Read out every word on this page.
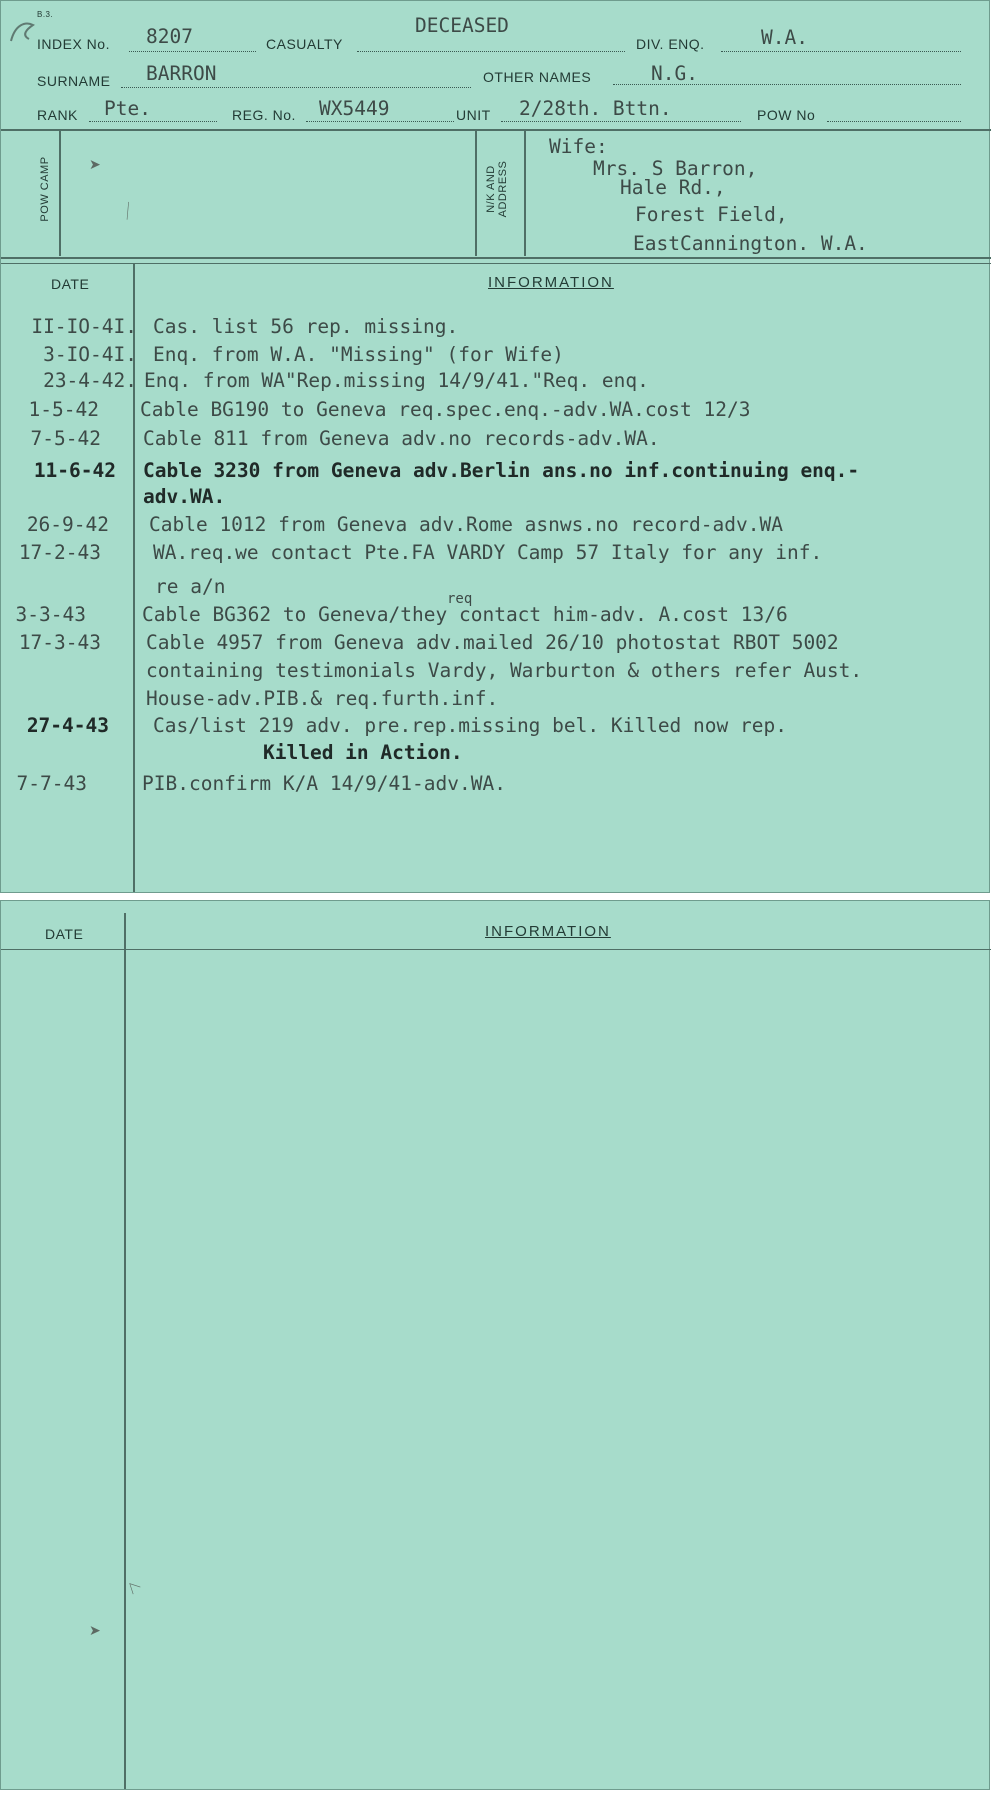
B.3.
INDEX No. 8207	CASUALTY
DECEASED
DIV. ENQ.	W.A.
SURNAME BARRON	OTHER NAMES	N.G.
RANK Pte.	REG. No. WX5449	UNIT 2/28th. Bttn.	POW No
POW CAMP	N/K AND ADDRESS
Wife:
Mrs. S Barron,
Hale Rd.,
Forest Field,
EastCannington. W.A.
➤
／
DATE	INFORMATION
II-IO-4I. Cas. list 56 rep. missing.
3-IO-4I. Enq. from W.A. "Missing" (for Wife)
23-4-42. Enq. from WA"Rep.missing 14/9/41."Req. enq.
1-5-42 Cable BG190 to Geneva req.spec.enq.-adv.WA.cost 12/3
7-5-42 Cable 811 from Geneva adv.no records-adv.WA.
11-6-42 Cable 3230 from Geneva adv.Berlin ans.no inf.continuing enq.-
adv.WA.
26-9-42 Cable 1012 from Geneva adv.Rome asnws.no record-adv.WA
17-2-43	WA.req.we contact Pte.FA VARDY Camp 57 Italy for any inf.
re a/n
req
3-3-43	Cable BG362 to Geneva/they contact him-adv. A.cost 13/6
17-3-43 Cable 4957 from Geneva adv.mailed 26/10 photostat RBOT 5002
containing testimonials Vardy, Warburton & others refer Aust.
House-adv.PIB.& req.furth.inf.
27-4-43 Cas/list 219 adv. pre.rep.missing bel. Killed now rep.
Killed in Action.
7-7-43	PIB.confirm K/A 14/9/41-adv.WA.
DATE	INFORMATION
＜
➤
